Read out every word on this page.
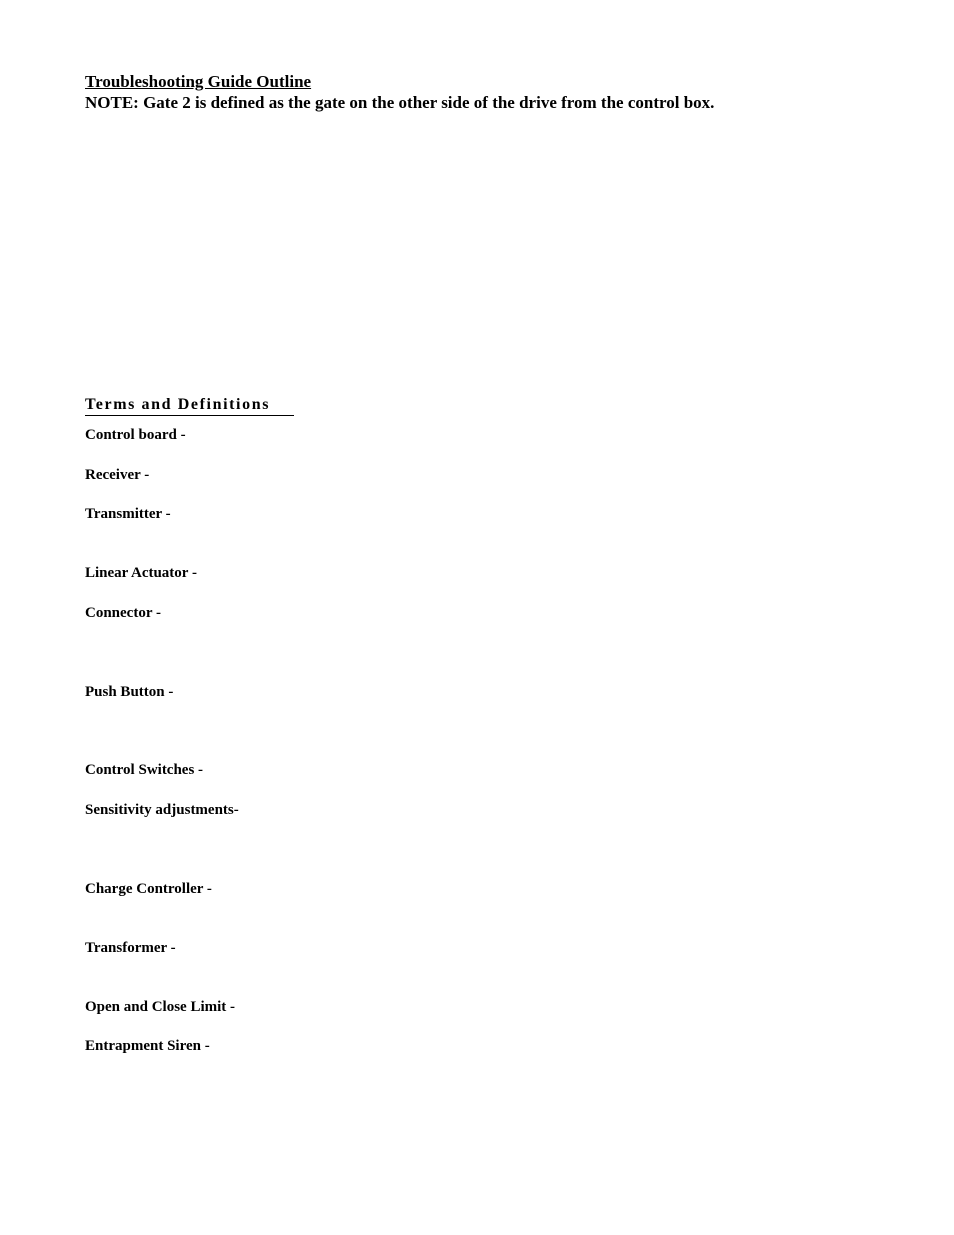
Troubleshooting Guide Outline
NOTE: Gate 2 is defined as the gate on the other side of the drive from the control box.
Terms and Definitions
Control board -
Receiver -
Transmitter -
Linear Actuator -
Connector -
Push Button -
Control Switches -
Sensitivity adjustments-
Charge Controller -
Transformer -
Open and Close Limit -
Entrapment Siren -
